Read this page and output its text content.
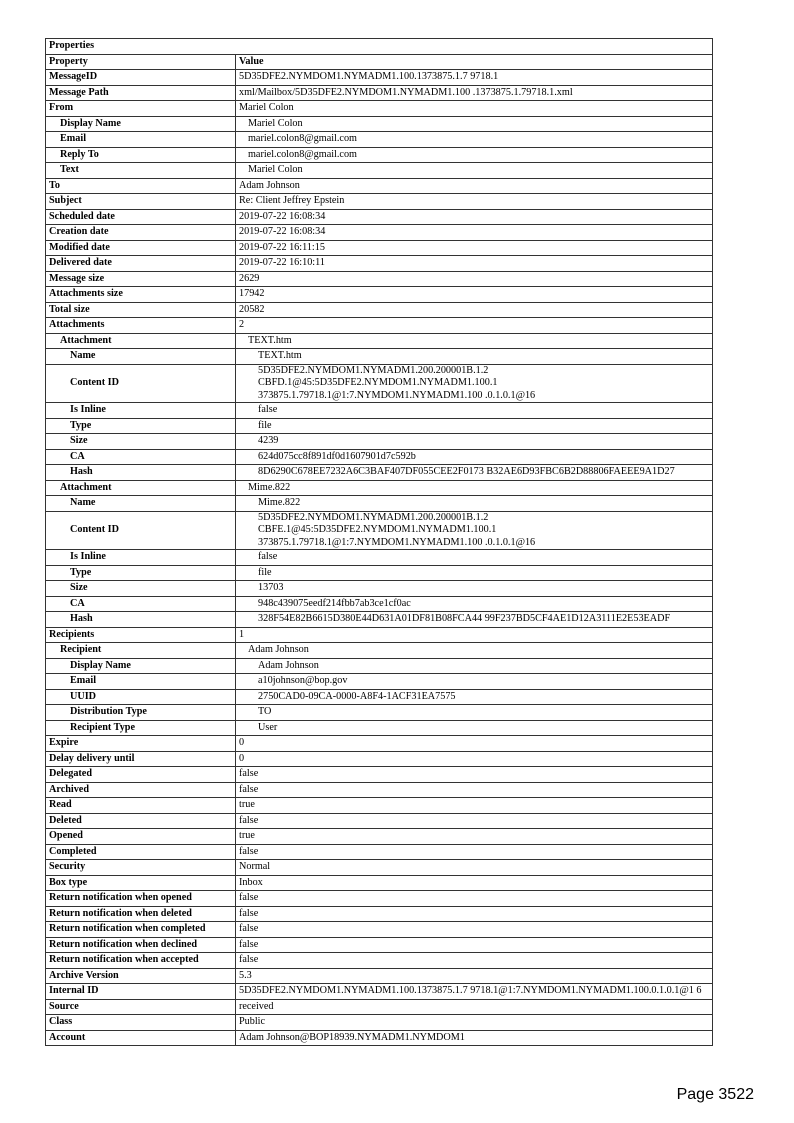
Properties	
Property	Value
MessageID	5D35DFE2.NYMDOM1.NYMADM1.100.1373875.1.7 9718.1

Message Path	xml/Mailbox/5D35DFE2.NYMDOM1.NYMADM1.100 .1373875.1.79718.1.xml

From	Mariel Colon

Display Name	Mariel Colon

Email	mariel.colon8@gmail.com

Reply To	mariel.colon8@gmail.com

Text	Mariel Colon

To	Adam Johnson

Subject	Re: Client Jeffrey Epstein

Scheduled date	2019-07-22 16:08:34

Creation date	2019-07-22 16:08:34

Modified date	2019-07-22 16:11:15

Delivered date	2019-07-22 16:10:11

Message size	2629

Attachments size	17942

Total size	20582

Attachments	2

Attachment	TEXT.htm

Name	TEXT.htm

Content ID	5D35DFE2.NYMDOM1.NYMADM1.200.200001B.1.2
CBFD.1@45:5D35DFE2.NYMDOM1.NYMADM1.100.1
373875.1.79718.1@1:7.NYMDOM1.NYMADM1.100 .0.1.0.1@16

Is Inline	false

Type	file

Size	4239

CA	624d075cc8f891df0d1607901d7c592b

Hash	8D6290C678EE7232A6C3BAF407DF055CEE2F0173 B32AE6D93FBC6B2D88806FAEEE9A1D27

Attachment	Mime.822

Name	Mime.822

Content ID	5D35DFE2.NYMDOM1.NYMADM1.200.200001B.1.2
CBFE.1@45:5D35DFE2.NYMDOM1.NYMADM1.100.1
373875.1.79718.1@1:7.NYMDOM1.NYMADM1.100 .0.1.0.1@16

Is Inline	false

Type	file

Size	13703

CA	948c439075eedf214fbb7ab3ce1cf0ac

Hash	328F54E82B6615D380E44D631A01DF81B08FCA44 99F237BD5CF4AE1D12A3111E2E53EADF

Recipients	1

Recipient	Adam Johnson

Display Name	Adam Johnson

Email	a10johnson@bop.gov

UUID	2750CAD0-09CA-0000-A8F4-1ACF31EA7575

Distribution Type	TO

Recipient Type	User

Expire	0

Delay delivery until	0

Delegated	false

Archived	false

Read	true

Deleted	false

Opened	true

Completed	false

Security	Normal

Box type	Inbox

Return notification when opened	false

Return notification when deleted	false

Return notification when completed	false

Return notification when declined	false

Return notification when accepted	false

Archive Version	5.3

Internal ID	5D35DFE2.NYMDOM1.NYMADM1.100.1373875.1.7 9718.1@1:7.NYMDOM1.NYMADM1.100.0.1.0.1@1 6

Source	received

Class	Public

Account	Adam Johnson@BOP18939.NYMADM1.NYMDOM1
Page 3522
